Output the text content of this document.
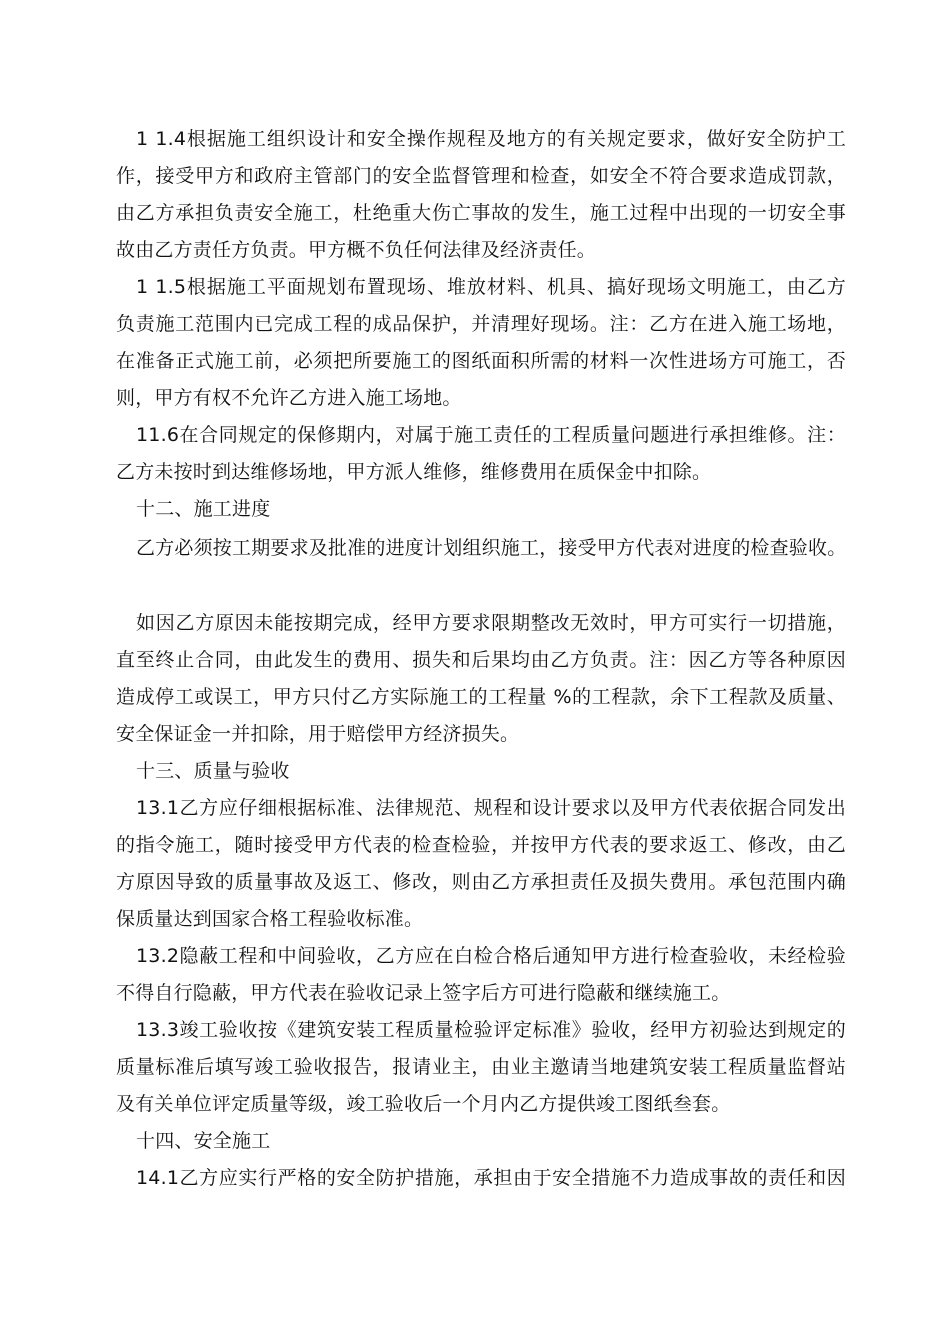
1 1.4根据施工组织设计和安全操作规程及地方的有关规定要求，做好安全防护工
作，接受甲方和政府主管部门的安全监督管理和检查，如安全不符合要求造成罚款，
由乙方承担负责安全施工，杜绝重大伤亡事故的发生，施工过程中出现的一切安全事
故由乙方责任方负责。甲方概不负任何法律及经济责任。
1 1.5根据施工平面规划布置现场、堆放材料、机具、搞好现场文明施工，由乙方
负责施工范围内已完成工程的成品保护，并清理好现场。注：乙方在进入施工场地，
在准备正式施工前，必须把所要施工的图纸面积所需的材料一次性进场方可施工，否
则，甲方有权不允许乙方进入施工场地。
11.6在合同规定的保修期内，对属于施工责任的工程质量问题进行承担维修。注：
乙方未按时到达维修场地，甲方派人维修，维修费用在质保金中扣除。
十二、施工进度
乙方必须按工期要求及批准的进度计划组织施工，接受甲方代表对进度的检查验收。
如因乙方原因未能按期完成，经甲方要求限期整改无效时，甲方可实行一切措施，
直至终止合同，由此发生的费用、损失和后果均由乙方负责。注：因乙方等各种原因
造成停工或误工，甲方只付乙方实际施工的工程量 %的工程款，余下工程款及质量、
安全保证金一并扣除，用于赔偿甲方经济损失。
十三、质量与验收
13.1乙方应仔细根据标准、法律规范、规程和设计要求以及甲方代表依据合同发出
的指令施工，随时接受甲方代表的检查检验，并按甲方代表的要求返工、修改，由乙
方原因导致的质量事故及返工、修改，则由乙方承担责任及损失费用。承包范围内确
保质量达到国家合格工程验收标准。
13.2隐蔽工程和中间验收，乙方应在白检合格后通知甲方进行检查验收，未经检验
不得自行隐蔽，甲方代表在验收记录上签字后方可进行隐蔽和继续施工。
13.3竣工验收按《建筑安装工程质量检验评定标准》验收，经甲方初验达到规定的
质量标准后填写竣工验收报告，报请业主，由业主邀请当地建筑安装工程质量监督站
及有关单位评定质量等级，竣工验收后一个月内乙方提供竣工图纸叁套。
十四、安全施工
14.1乙方应实行严格的安全防护措施，承担由于安全措施不力造成事故的责任和因
